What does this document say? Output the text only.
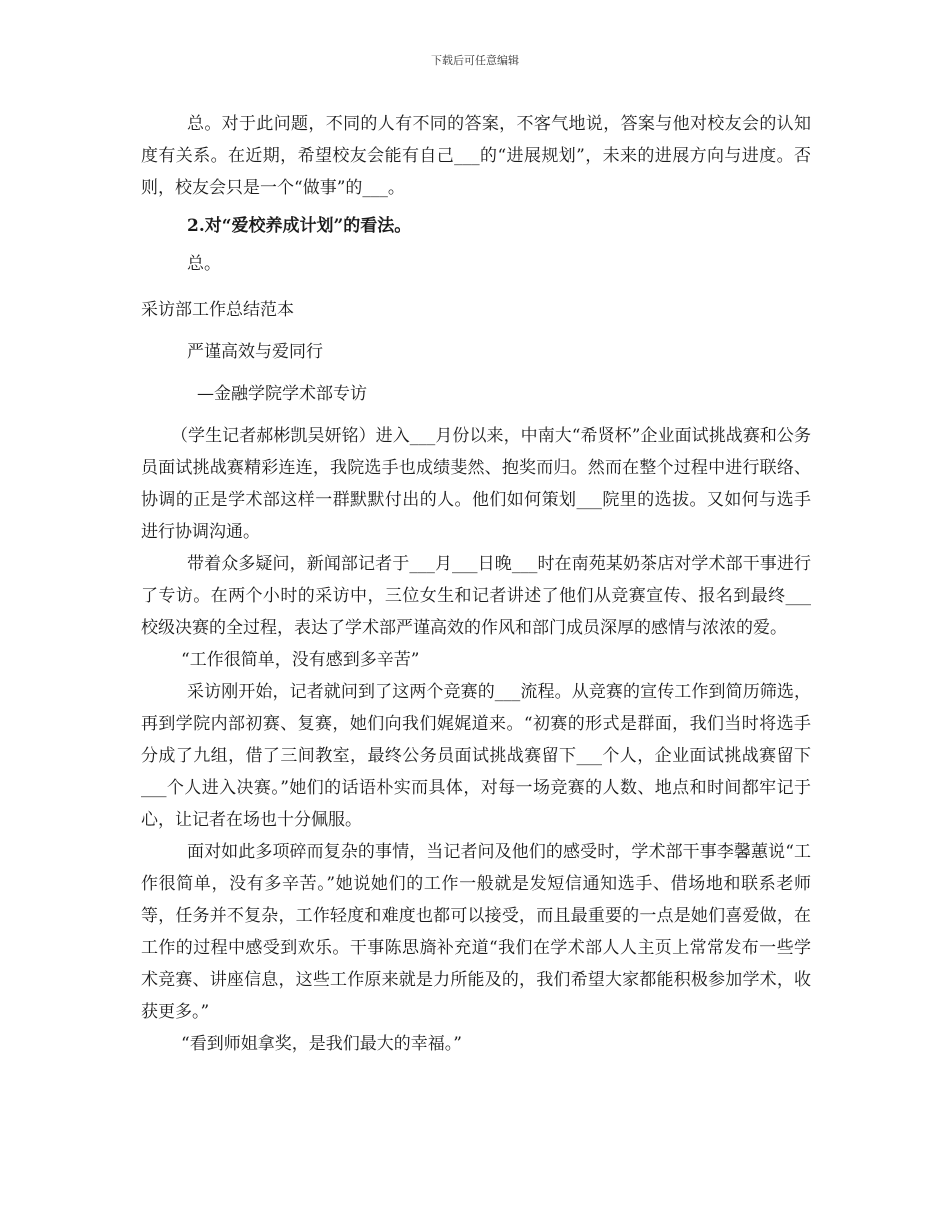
下载后可任意编辑

总。对于此问题，不同的人有不同的答案，不客气地说，答案与他对校友会的认知度有关系。在近期，希望校友会能有自己___的“进展规划”，未来的进展方向与进度。否则，校友会只是一个“做事”的___。

2.对“爱校养成计划”的看法。

总。

采访部工作总结范本

严谨高效与爱同行

—金融学院学术部专访

（学生记者郝彬凯吴妍铭）进入___月份以来，中南大“希贤杯”企业面试挑战赛和公务员面试挑战赛精彩连连，我院选手也成绩斐然、抱奖而归。然而在整个过程中进行联络、协调的正是学术部这样一群默默付出的人。他们如何策划___院里的选拔。又如何与选手进行协调沟通。

带着众多疑问，新闻部记者于___月___日晚___时在南苑某奶茶店对学术部干事进行了专访。在两个小时的采访中，三位女生和记者讲述了他们从竞赛宣传、报名到最终___校级决赛的全过程，表达了学术部严谨高效的作风和部门成员深厚的感情与浓浓的爱。

“工作很简单，没有感到多辛苦”

采访刚开始，记者就问到了这两个竞赛的___流程。从竞赛的宣传工作到简历筛选，再到学院内部初赛、复赛，她们向我们娓娓道来。“初赛的形式是群面，我们当时将选手分成了九组，借了三间教室，最终公务员面试挑战赛留下___个人，企业面试挑战赛留下___个人进入决赛。”她们的话语朴实而具体，对每一场竞赛的人数、地点和时间都牢记于心，让记者在场也十分佩服。

面对如此多项碎而复杂的事情，当记者问及他们的感受时，学术部干事李馨蕙说“工作很简单，没有多辛苦。”她说她们的工作一般就是发短信通知选手、借场地和联系老师等，任务并不复杂，工作轻度和难度也都可以接受，而且最重要的一点是她们喜爱做，在工作的过程中感受到欢乐。干事陈思旖补充道“我们在学术部人人主页上常常发布一些学术竞赛、讲座信息，这些工作原来就是力所能及的，我们希望大家都能积极参加学术，收获更多。”

“看到师姐拿奖，是我们最大的幸福。”
